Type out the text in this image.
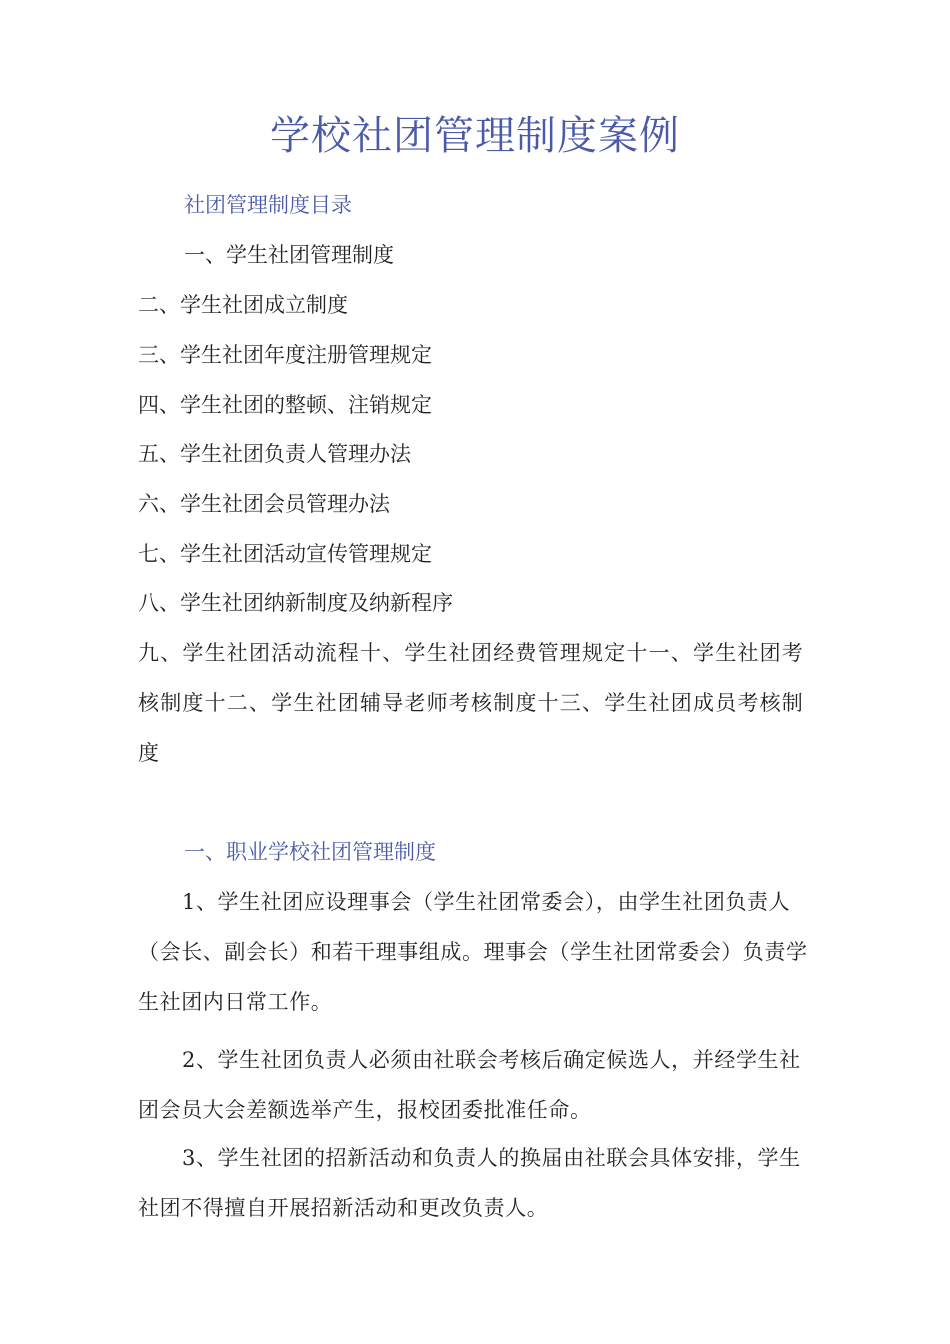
学校社团管理制度案例
社团管理制度目录
一、学生社团管理制度
二、学生社团成立制度
三、学生社团年度注册管理规定
四、学生社团的整顿、注销规定
五、学生社团负责人管理办法
六、学生社团会员管理办法
七、学生社团活动宣传管理规定
八、学生社团纳新制度及纳新程序
九、学生社团活动流程十、学生社团经费管理规定十一、学生社团考核制度十二、学生社团辅导老师考核制度十三、学生社团成员考核制度
一、职业学校社团管理制度
1、学生社团应设理事会（学生社团常委会），由学生社团负责人（会长、副会长）和若干理事组成。理事会（学生社团常委会）负责学生社团内日常工作。
2、学生社团负责人必须由社联会考核后确定候选人，并经学生社团会员大会差额选举产生，报校团委批准任命。
3、学生社团的招新活动和负责人的换届由社联会具体安排，学生社团不得擅自开展招新活动和更改负责人。
